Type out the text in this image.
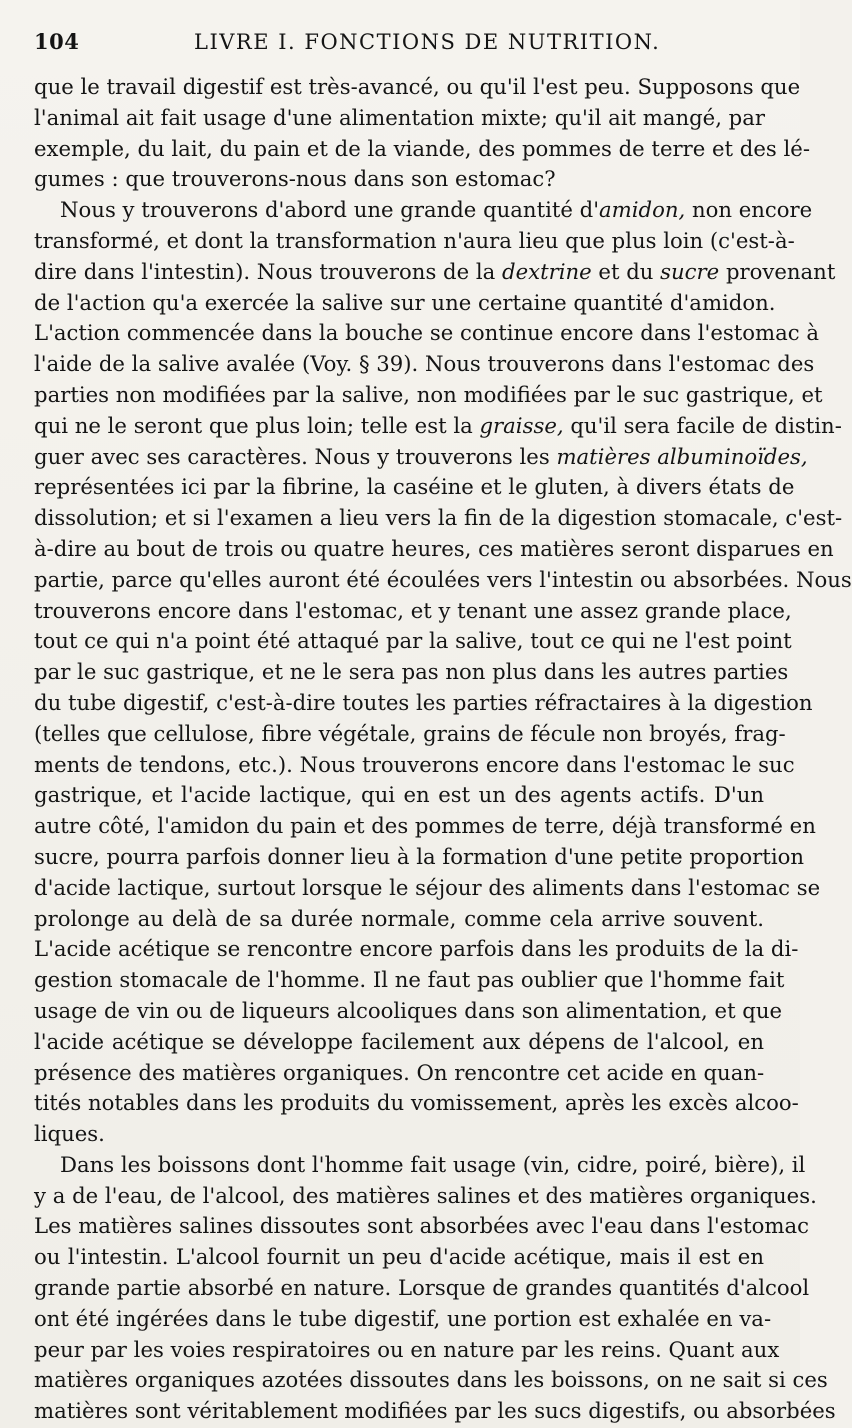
104	LIVRE I. FONCTIONS DE NUTRITION.

que le travail digestif est très-avancé, ou qu'il l'est peu. Supposons que
l'animal ait fait usage d'une alimentation mixte; qu'il ait mangé, par
exemple, du lait, du pain et de la viande, des pommes de terre et des lé-
gumes : que trouverons-nous dans son estomac?

Nous y trouverons d'abord une grande quantité d'amidon, non encore
transformé, et dont la transformation n'aura lieu que plus loin (c'est-à-
dire dans l'intestin). Nous trouverons de la dextrine et du sucre provenant
de l'action qu'a exercée la salive sur une certaine quantité d'amidon.
L'action commencée dans la bouche se continue encore dans l'estomac à
l'aide de la salive avalée (Voy. § 39). Nous trouverons dans l'estomac des
parties non modifiées par la salive, non modifiées par le suc gastrique, et
qui ne le seront que plus loin; telle est la graisse, qu'il sera facile de distin-
guer avec ses caractères. Nous y trouverons les matières albuminoïdes,
représentées ici par la fibrine, la caséine et le gluten, à divers états de
dissolution; et si l'examen a lieu vers la fin de la digestion stomacale, c'est-
à-dire au bout de trois ou quatre heures, ces matières seront disparues en
partie, parce qu'elles auront été écoulées vers l'intestin ou absorbées. Nous
trouverons encore dans l'estomac, et y tenant une assez grande place,
tout ce qui n'a point été attaqué par la salive, tout ce qui ne l'est point
par le suc gastrique, et ne le sera pas non plus dans les autres parties
du tube digestif, c'est-à-dire toutes les parties réfractaires à la digestion
(telles que cellulose, fibre végétale, grains de fécule non broyés, frag-
ments de tendons, etc.). Nous trouverons encore dans l'estomac le suc
gastrique, et l'acide lactique, qui en est un des agents actifs. D'un
autre côté, l'amidon du pain et des pommes de terre, déjà transformé en
sucre, pourra parfois donner lieu à la formation d'une petite proportion
d'acide lactique, surtout lorsque le séjour des aliments dans l'estomac se
prolonge au delà de sa durée normale, comme cela arrive souvent.
L'acide acétique se rencontre encore parfois dans les produits de la di-
gestion stomacale de l'homme. Il ne faut pas oublier que l'homme fait
usage de vin ou de liqueurs alcooliques dans son alimentation, et que
l'acide acétique se développe facilement aux dépens de l'alcool, en
présence des matières organiques. On rencontre cet acide en quan-
tités notables dans les produits du vomissement, après les excès alcoo-
liques.

Dans les boissons dont l'homme fait usage (vin, cidre, poiré, bière), il
y a de l'eau, de l'alcool, des matières salines et des matières organiques.
Les matières salines dissoutes sont absorbées avec l'eau dans l'estomac
ou l'intestin. L'alcool fournit un peu d'acide acétique, mais il est en
grande partie absorbé en nature. Lorsque de grandes quantités d'alcool
ont été ingérées dans le tube digestif, une portion est exhalée en va-
peur par les voies respiratoires ou en nature par les reins. Quant aux
matières organiques azotées dissoutes dans les boissons, on ne sait si ces
matières sont véritablement modifiées par les sucs digestifs, ou absorbées
